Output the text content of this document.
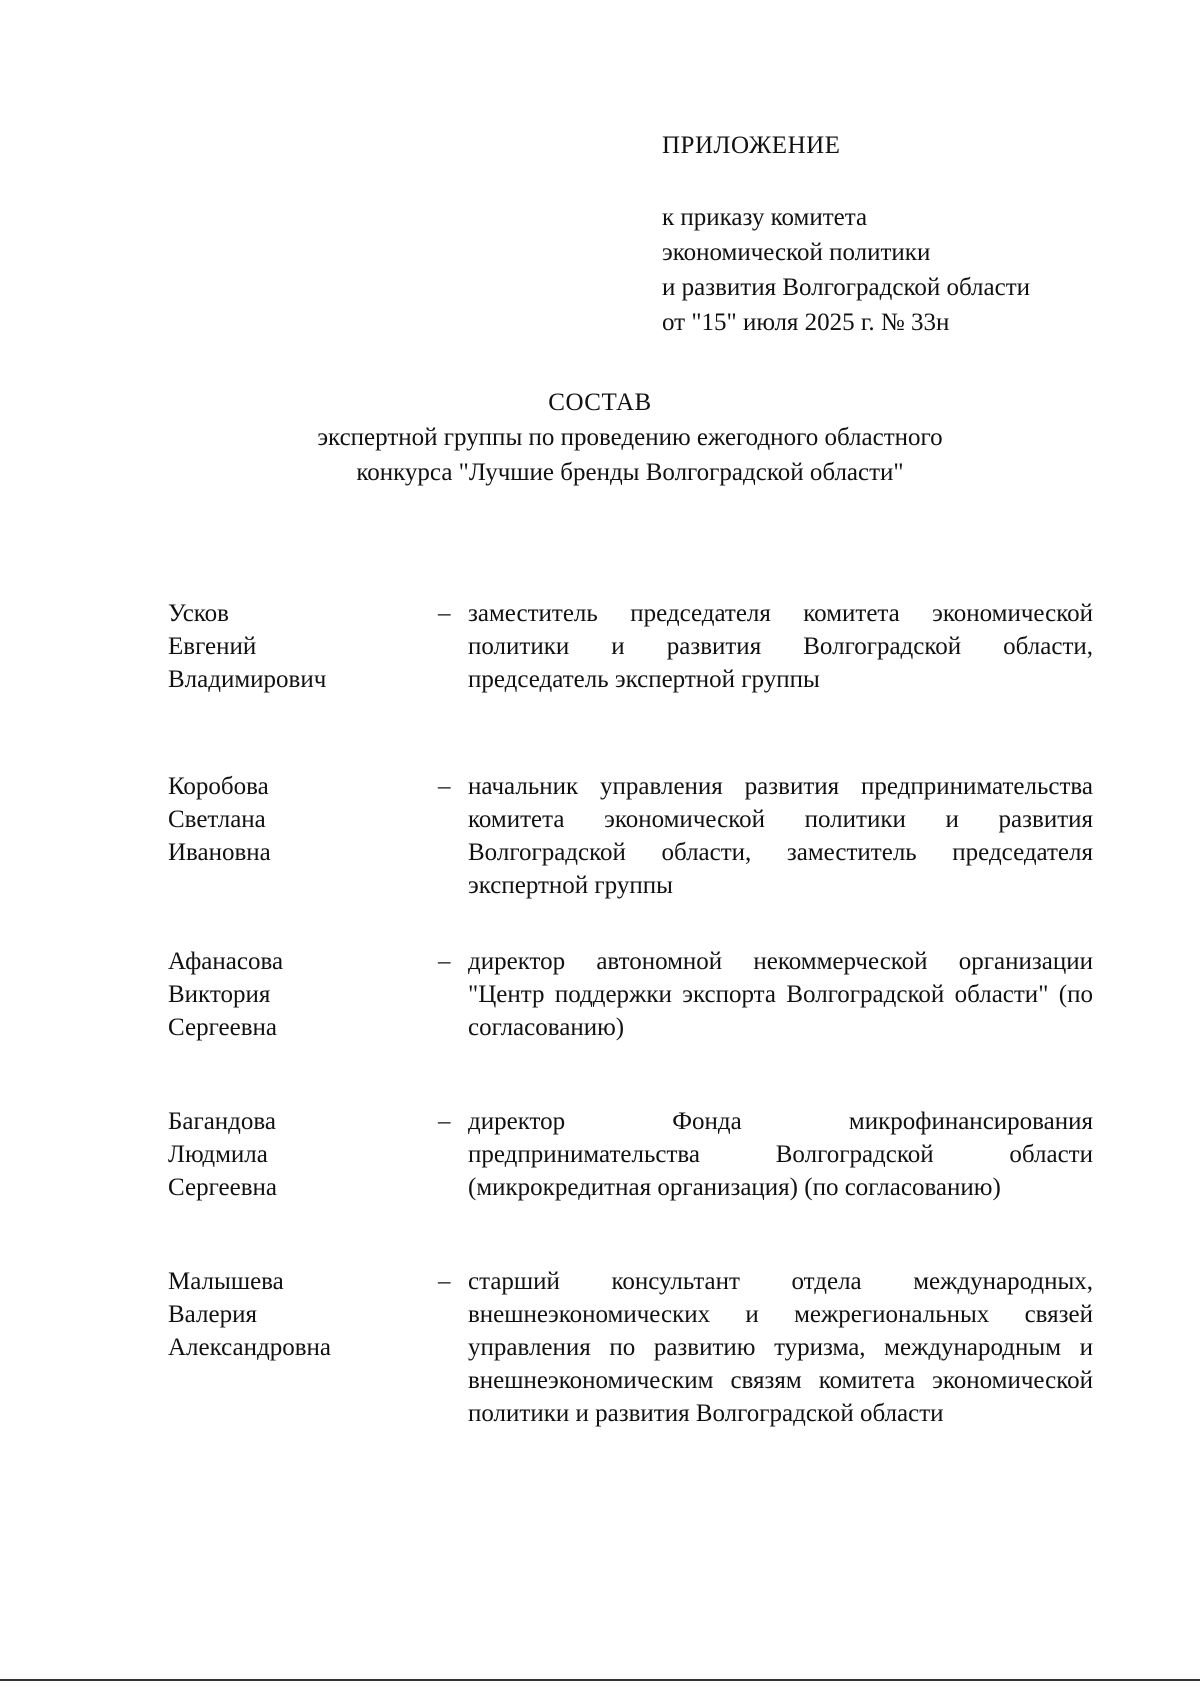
ПРИЛОЖЕНИЕ
к приказу комитета
экономической политики
и развития Волгоградской области
от "15" июля 2025 г. № 33н
СОСТАВ
экспертной группы по проведению ежегодного областного
конкурса "Лучшие бренды Волгоградской области"
Усков
Евгений
Владимирович
– заместитель председателя комитета экономической политики и развития Волгоградской области, председатель экспертной группы
Коробова
Светлана
Ивановна
– начальник управления развития предпринимательства комитета экономической политики и развития Волгоградской области, заместитель председателя экспертной группы
Афанасова
Виктория
Сергеевна
– директор автономной некоммерческой организации "Центр поддержки экспорта Волгоградской области" (по согласованию)
Багандова
Людмила
Сергеевна
– директор Фонда микрофинансирования предпринимательства Волгоградской области (микрокредитная организация) (по согласованию)
Малышева
Валерия
Александровна
– старший консультант отдела международных, внешнеэкономических и межрегиональных связей управления по развитию туризма, международным и внешнеэкономическим связям комитета экономической политики и развития Волгоградской области
